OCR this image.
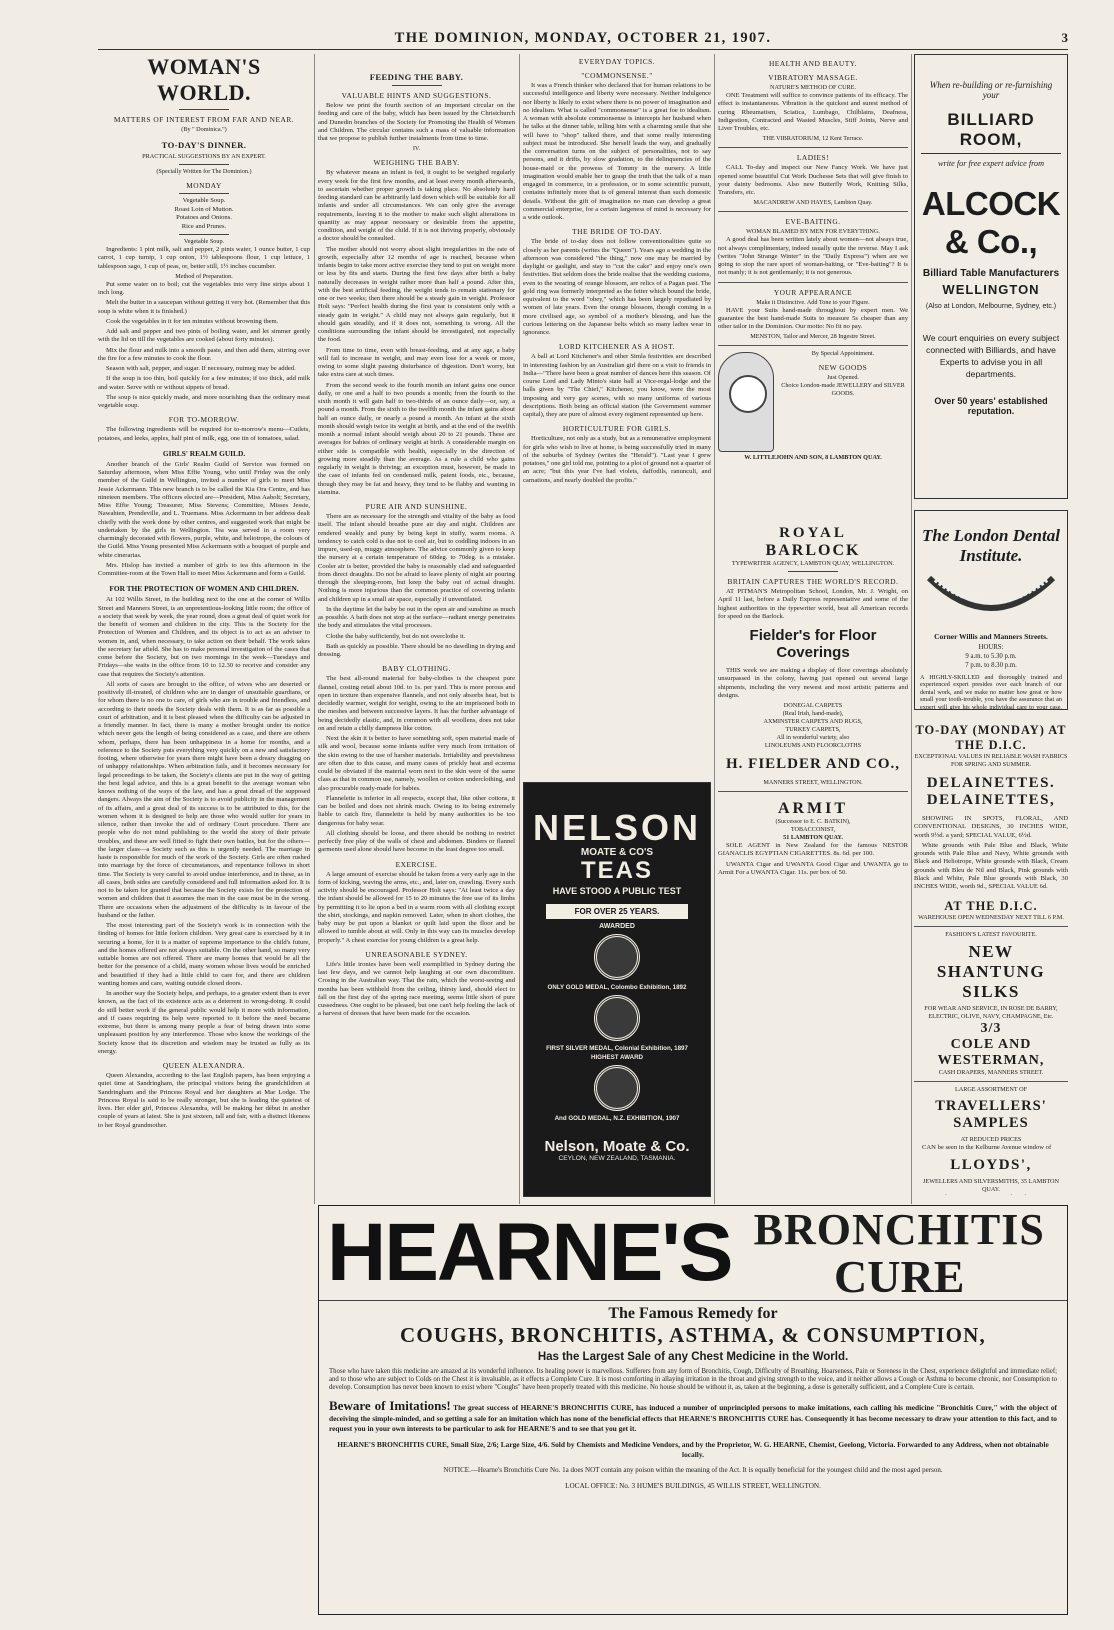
THE DOMINION, MONDAY, OCTOBER 21, 1907.	3
WOMAN'S WORLD.
MATTERS OF INTEREST FROM FAR AND NEAR.
(By " Dominica.")
TO-DAY'S DINNER.
PRACTICAL SUGGESTIONS BY AN EXPERT.
(Specially Written for The Dominion.)
MONDAY
Vegetable Soup.
Roast Loin of Mutton.
Potatoes and Onions.
Rice and Prunes.
Vegetable Soup.

Ingredients: 1 pint milk, salt and pepper, 2 pints water, 1 ounce butter, 1 cup carrot, 1 cup turnip, 1 cup onion, 1½ tablespoons flour, 1 cup lettuce, 1 tablespoon sago, 1 cup of peas, or, better still, 1½ inches cucumber.

Method of Preparation.

Put some water on to boil; cut the vegetables into very fine strips about 1 inch long.

Melt the butter in a saucepan without getting it very hot. (Remember that this soup is white when it is finished.)

Cook the vegetables in it for ten minutes without browning them.

Add salt and pepper and two pints of boiling water, and let simmer gently with the lid on till the vegetables are cooked (about forty minutes).

Mix the flour and milk into a smooth paste, and then add them, stirring over the fire for a few minutes to cook the flour.

Season with salt, pepper, and sugar. If necessary, nutmeg may be added.

If the soup is too thin, boil quickly for a few minutes; if too thick, add milk and water. Serve with or without sippets of bread.

The soup is nice quickly made, and more nourishing than the ordinary meat vegetable soup.

FOR TO-MORROW.

The following ingredients will be required for to-morrow's menu—Cutlets, potatoes, and leeks, apples, half pint of milk, egg, one tin of tomatoes, salad.

GIRLS' REALM GUILD.

Another branch of the Girls' Realm Guild of Service was formed on Saturday afternoon, when Miss Effie Young, who until Friday was the only member of the Guild in Wellington, invited a number of girls to meet Miss Jessie Ackermann. This new branch is to be called the Kia Ora Centre, and has nineteen members. The officers elected are—President, Miss Aabolt; Secretary, Miss Effie Young; Treasurer, Miss Stevens; Committee, Misses Jessie, Nawahten, Prendeville, and L. Truemans. Miss Ackermann in her address dealt chiefly with the work done by other centres, and suggested work that might be undertaken by the girls in Wellington. Tea was served in a room very charmingly decorated with flowers, purple, white, and heliotrope, the colours of the Guild. Miss Young presented Miss Ackermann with a bouquet of purple and white cinerarias.

Mrs. Hislop has invited a number of girls to tea this afternoon in the Committee-room at the Town Hall to meet Miss Ackermann and form a Guild.

FOR THE PROTECTION OF WOMEN AND CHILDREN.

At 102 Willis Street, in the building next to the one at the corner of Willis Street and Manners Street, is an unpretentious-looking little room; the office of a society that week by week, the year round, does a great deal of quiet work for the benefit of women and children in the city. This is the Society for the Protection of Women and Children, and its object is to act as an adviser to women in, and, when necessary, to take action on their behalf. The work takes the secretary far afield. She has to make personal investigation of the cases that come before the Society, but on two mornings in the week—Tuesdays and Fridays—she waits in the office from 10 to 12.30 to receive and consider any case that requires the Society's attention.

All sorts of cases are brought to the office, of wives who are deserted or positively ill-treated, of children who are in danger of unsuitable guardians, or for whom there is no one to care, of girls who are in trouble and friendless, and according to their needs the Society deals with them. It is as far as possible a court of arbitration, and it is best pleased when the difficulty can be adjusted in a friendly manner. In fact, there is many a mother brought under its notice which never gets the length of being considered as a case, and there are others whom, perhaps, there has been unhappiness in a home for months, and a reference to the Society puts everything very quickly on a new and satisfactory footing, where otherwise for years there might have been a dreary dragging on of unhappy relationships. When arbitration fails, and it becomes necessary for legal proceedings to be taken, the Society's clients are put in the way of getting the best legal advice, and this is a great benefit to the average woman who knows nothing of the ways of the law, and has a great dread of the supposed dangers. Always the aim of the Society is to avoid publicity in the management of its affairs, and a great deal of its success is to be attributed to this, for the women whom it is designed to help are those who would suffer for years in silence, rather than invoke the aid of ordinary Court procedure. There are people who do not mind publishing to the world the story of their private troubles, and these are well fitted to fight their own battles, but for the others—the larger class—a Society such as this is urgently needed. The marriage in haste is responsible for much of the work of the Society. Girls are often rushed into marriage by the force of circumstances, and repentance follows in short time. The Society is very careful to avoid undue interference, and in these, as in all cases, both sides are carefully considered and full information asked for. It is not to be taken for granted that because the Society exists for the protection of women and children that it assumes the man in the case must be in the wrong. There are occasions when the adjustment of the difficulty is in favour of the husband or the father.

The most interesting part of the Society's work is in connection with the finding of homes for little forlorn children. Very great care is exercised by it in securing a home, for it is a matter of supreme importance to the child's future, and the homes offered are not always suitable. On the other hand, so many very suitable homes are not offered. There are many homes that would be all the better for the presence of a child, many women whose lives would be enriched and beautified if they had a little child to care for, and there are children wanting homes and care, waiting outside closed doors.

In another way the Society helps, and perhaps, to a greater extent than is ever known, as the fact of its existence acts as a deterrent to wrong-doing. It could do still better work if the general public would help it more with information, and if cases requiring its help were reported to it before the need became extreme, but there is among many people a fear of being drawn into some unpleasant position by any interference. Those who know the workings of the Society know that its discretion and wisdom may be trusted as fully as its energy.

QUEEN ALEXANDRA.

Queen Alexandra, according to the last English papers, has been enjoying a quiet time at Sandringham, the principal visitors being the grandchildren at Sandringham and the Princess Royal and her daughters at Mar Lodge. The Princess Royal is said to be really stronger, but she is leading the quietest of lives. Her elder girl, Princess Alexandra, will be making her début in another couple of years at latest. She is just sixteen, tall and fair, with a distinct likeness to her Royal grandmother.

FEEDING THE BABY.
VALUABLE HINTS AND SUGGESTIONS.

Below we print the fourth section of an important circular on the feeding and care of the baby, which has been issued by the Christchurch and Dunedin branches of the Society for Promoting the Health of Women and Children. The circular contains such a mass of valuable information that we propose to publish further instalments from time to time.

IV.
WEIGHING THE BABY.

By whatever means an infant is fed, it ought to be weighed regularly every week for the first few months, and at least every month afterwards, to ascertain whether proper growth is taking place. No absolutely hard feeding standard can be arbitrarily laid down which will be suitable for all infants and under all circumstances. We can only give the average requirements, leaving it to the mother to make such slight alterations in quantity as may appear necessary or desirable from the appetite, condition, and weight of the child. If it is not thriving properly, obviously a doctor should be consulted.

The mother should not worry about slight irregularities in the rate of growth, especially after 12 months of age is reached, because when infants begin to take more active exercise they tend to put on weight more or less by fits and starts. During the first few days after birth a baby naturally decreases in weight rather more than half a pound. After this, with the best artificial feeding, the weight tends to remain stationary for one or two weeks; then there should be a steady gain in weight. Professor Holt says: "Perfect health during the first year is consistent only with a steady gain in weight." A child may not always gain regularly, but it should gain steadily, and if it does not, something is wrong. All the conditions surrounding the infant should be investigated, not especially the food.

From time to time, even with breast-feeding, and at any age, a baby will fail to increase in weight, and may even lose for a week or more, owing to some slight passing disturbance of digestion. Don't worry, but take extra care at such times.

From the second week to the fourth month an infant gains one ounce daily, or one and a half to two pounds a month; from the fourth to the sixth month it will gain half to two-thirds of an ounce daily—or, say, a pound a month. From the sixth to the twelfth month the infant gains about half an ounce daily, or nearly a pound a month. An infant at the sixth month should weigh twice its weight at birth, and at the end of the twelfth month a normal infant should weigh about 20 to 21 pounds. These are averages for babies of ordinary weight at birth. A considerable margin on either side is compatible with health, especially in the direction of growing more steadily than the average. As a rule a child who gains regularly in weight is thriving; an exception must, however, be made in the case of infants fed on condensed milk, patent foods, etc., because, though they may be fat and heavy, they tend to be flabby and wanting in stamina.

PURE AIR AND SUNSHINE.

There are as necessary for the strength and vitality of the baby as food itself. The infant should breathe pure air day and night. Children are rendered weakly and puny by being kept in stuffy, warm rooms. A tendency to catch cold is due not to cool air, but to coddling indoors in an impure, used-up, muggy atmosphere. The advice commonly given to keep the nursery at a certain temperature of 60deg. to 70deg. is a mistake. Cooler air is better, provided the baby is reasonably clad and safeguarded from direct draughts. Do not be afraid to leave plenty of night air pouring through the sleeping-room, but keep the baby out of actual draught. Nothing is more injurious than the common practice of covering infants and children up in a small air space, especially if unventilated.

In the daytime let the baby be out in the open air and sunshine as much as possible. A bath does not stop at the surface—radiant energy penetrates the body and stimulates the vital processes.

Clothe the baby sufficiently, but do not overclothe it.

Bath as quickly as possible. There should be no dawdling in drying and dressing.

BABY CLOTHING.

The best all-round material for baby-clothes is the cheapest pure flannel, costing retail about 10d. to 1s. per yard. This is more porous and open in texture than expensive flannels, and not only absorbs heat, but is decidedly warmer, weight for weight, owing to the air imprisoned both in the meshes and between successive layers. It has the further advantage of being decidedly elastic, and, in common with all woollens, does not take on and retain a chilly dampness like cotton.

Next the skin it is better to have something soft, open material made of silk and wool, because some infants suffer very much from irritation of the skin owing to the use of harsher materials. Irritability and peevishness are often due to this cause, and many cases of prickly heat and eczema could be obviated if the material worn next to the skin were of the same class as that in common use, namely, woollen or cotton underclothing, and also procurable ready-made for babies.

Flannelette is inferior in all respects, except that, like other cottons, it can be boiled and does not shrink much. Owing to its being extremely liable to catch fire, flannelette is held by many authorities to be too dangerous for baby wear.

All clothing should be loose, and there should be nothing to restrict perfectly free play of the walls of chest and abdomen. Binders or flannel garments used alone should have become in the least degree too small.

EXERCISE.

A large amount of exercise should be taken from a very early age in the form of kicking, waving the arms, etc., and, later on, crawling. Every such activity should be encouraged. Professor Holt says: "At least twice a day the infant should be allowed for 15 to 20 minutes the free use of its limbs by permitting it to lie upon a bed in a warm room with all clothing except the shirt, stockings, and napkin removed. Later, when in short clothes, the baby may be put upon a blanket or quilt laid upon the floor and be allowed to tumble about at will. Only in this way can its muscles develop properly." A chest exercise for young children is a great help.

UNREASONABLE SYDNEY.

Life's little ironies have been well exemplified in Sydney during the last few days, and we cannot help laughing at our own discomfiture. Crosing in the Australian way. That the rain, which the worst-seeing and months has been withheld from the ceiling, thirsty land, should elect to fall on the first day of the spring race meeting, seems little short of pure cussedness. One ought to be pleased, but one can't help feeling the lack of a harvest of dresses that have been made for the occasion.

EVERYDAY TOPICS.
"COMMONSENSE."

It was a French thinker who declared that for human relations to be successful intelligence and liberty were necessary. Neither indulgence nor liberty is likely to exist where there is no power of imagination and no idealism. What is called "commonsense" is a great foe to idealism. A woman with absolute commonsense is intercepts her husband when he talks at the dinner table, telling him with a charming smile that she will have to "shop" talked there, and that some really interesting subject must be introduced. She herself leads the way, and gradually the conversation turns on the subject of personalities, not to say persons, and it drifts, by slow gradation, to the delinquencies of the house-maid or the prowess of Tommy in the nursery. A little imagination would enable her to grasp the truth that the talk of a man engaged in commerce, in a profession, or in some scientific pursuit, contains infinitely more that is of general interest than such domestic details. Without the gift of imagination no man can develop a great commercial enterprise, for a certain largeness of mind is necessary for a wide outlook.

THE BRIDE OF TO-DAY.

The bride of to-day does not follow conventionalities quite so closely as her parents (writes the "Queen"). Years ago a wedding in the afternoon was considered "the thing," now one may be married by daylight or gaslight, and stay to "cut the cake" and enjoy one's own festivities. But seldom does the bride realise that the wedding customs, even to the wearing of orange blossom, are relics of a Pagan past. The gold ring was formerly interpreted as the fetter which bound the bride, equivalent to the word "obey," which has been largely repudiated by women of late years. Even the orange blossom, though coming in a more civilised age, so symbol of a mother's blessing, and has the curious lettering on the Japanese belts which so many ladies wear in ignorance.

LORD KITCHENER AS A HOST.

A ball at Lord Kitchener's and other Simla festivities are described in interesting fashion by an Australian girl there on a visit to friends in India—"There have been a great number of dances here this season. Of course Lord and Lady Minto's state ball at Vice-regal-lodge and the balls given by "The Chief," Kitchener, you know, were the most imposing and very gay scenes, with so many uniforms of various descriptions. Both being an official station (the Government summer capital), they are pure of almost every regiment represented up here.

HORTICULTURE FOR GIRLS.

Horticulture, not only as a study, but as a remunerative employment for girls who wish to live at home, is being successfully tried in many of the suburbs of Sydney (writes the "Herald"). "Last year I grew potatoes," one girl told me, pointing to a plot of ground not a quarter of an acre; "but this year I've had violets, daffodils, ranunculi, and carnations, and nearly doubled the profits."

NELSON
MOATE & CO'S
TEAS
HAVE STOOD A PUBLIC TEST
FOR OVER 25 YEARS.
AWARDED
ONLY GOLD MEDAL, Colombo Exhibition, 1892
FIRST SILVER MEDAL, Colonial Exhibition, 1897
HIGHEST AWARD
And GOLD MEDAL, N.Z. EXHIBITION, 1907
Nelson, Moate & Co.
CEYLON, NEW ZEALAND, TASMANIA.
HEALTH AND BEAUTY.
VIBRATORY MASSAGE.
NATURE'S METHOD OF CURE.

ONE Treatment will suffice to convince patients of its efficacy. The effect is instantaneous. Vibration is the quickest and surest method of curing Rheumatism, Sciatica, Lumbago, Chilblains, Deafness, Indigestion, Contracted and Wasted Muscles, Stiff Joints, Nerve and Liver Troubles, etc.

THE VIBRATORIUM, 12 Kent Terrace.
LADIES!

CALL To-day and inspect our New Fancy Work. We have just opened some beautiful Cut Work Duchesse Sets that will give finish to your dainty bedrooms. Also new Butterfly Work, Knitting Silks, Transfers, etc.

MACANDREW AND HAYES, Lambton Quay.
EVE-BAITING.
WOMAN BLAMED BY MEN FOR EVERYTHING.

A good deal has been written lately about women—not always true, not always complimentary, indeed usually quite the reverse. May I ask (writes "John Strange Winter" in the "Daily Express") when are we going to stop the rare sport of woman-baiting, or "Eve-baiting"? It is not manly; it is not gentlemanly; it is not generous.

YOUR APPEARANCE
Make it Distinctive. Add Tone to your Figure.

HAVE your Suits hand-made throughout by expert men. We guarantee the best hand-made Suits to measure 5s cheaper than any other tailor in the Dominion. Our motto: No fit no pay.

MENSTON, Tailor and Mercer, 28 Ingestre Street.
By Special Appointment.
NEW GOODS
Just Opened.
Choice London-made JEWELLERY and SILVER GOODS.
W. LITTLEJOHN AND SON, 8 LAMBTON QUAY.
ROYAL
BARLOCK
TYPEWRITER AGENCY, LAMBTON QUAY, WELLINGTON.
BRITAIN CAPTURES THE WORLD'S RECORD.

AT PITMAN'S Metropolitan School, London, Mr. J. Wright, on April 11 last, before a Daily Express representative and some of the highest authorities in the typewriter world, beat all American records for speed on the Barlock.

Fielder's for Floor Coverings

THIS week we are making a display of floor coverings absolutely unsurpassed in the colony, having just opened out several large shipments, including the very newest and most artistic patterns and designs.

DONEGAL CARPETS
(Real Irish, hand-made),
AXMINSTER CARPETS AND RUGS,
TURKEY CARPETS,
All in wonderful variety, also
LINOLEUMS AND FLOORCLOTHS
H. FIELDER AND CO.,
MANNERS STREET, WELLINGTON.
ARMIT
(Successor to E. C. BATKIN),
TOBACCONIST,
51 LAMBTON QUAY.

SOLE AGENT in New Zealand for the famous NESTOR GIANACLIS EGYPTIAN CIGARETTES. 8s. 6d. per 100.

UWANTA Cigar and UWANTA Good Cigar and UWANTA go to Armit For a UWANTA Cigar. 11s. per box of 50.

When re-building or re-furnishing your
BILLIARD ROOM,
write for free expert advice from
ALCOCK & Co.,
Billiard Table Manufacturers
WELLINGTON
(Also at London, Melbourne, Sydney, etc.)
We court enquiries on every subject connected with Billiards, and have Experts to advise you in all departments.
Over 50 years' established reputation.
The London Dental Institute.
Corner Willis and Manners Streets.
HOURS:
9 a.m. to 5.30 p.m.
7 p.m. to 8.30 p.m.
A HIGHLY-SKILLED and thoroughly trained and experienced expert presides over each branch of our dental work, and we make no matter how great or how small your tooth-trouble, you have the assurance that an expert will give his whole individual care to your case,
TO-DAY (MONDAY) AT THE D.I.C.
EXCEPTIONAL VALUES IN RELIABLE WASH FABRICS FOR SPRING AND SUMMER.
DELAINETTES. DELAINETTES,

SHOWING IN SPOTS, FLORAL, AND CONVENTIONAL DESIGNS, 30 INCHES WIDE, worth 9½d. a yard; SPECIAL VALUE, 6½d.

White grounds with Pale Blue and Black, White grounds with Pale Blue and Navy, White grounds with Black and Heliotrope, White grounds with Black, Cream grounds with Bleu de Nil and Black, Pink grounds with Black and White, Pale Blue grounds with Black, 30 INCHES WIDE, worth 9d., SPECIAL VALUE 6d.

AT THE D.I.C.
WAREHOUSE OPEN WEDNESDAY NEXT TILL 6 P.M.
FASHION'S LATEST FAVOURITE.
NEW SHANTUNG SILKS
FOR WEAR AND SERVICE, IN ROSE DE BARRY, ELECTRIC, OLIVE, NAVY, CHAMPAGNE, Etc.
3/3
COLE AND WESTERMAN,
CASH DRAPERS, MANNERS STREET.
LARGE ASSORTMENT OF
TRAVELLERS' SAMPLES
AT REDUCED PRICES

CAN be seen in the Kelburne Avenue window of

LLOYDS',
JEWELLERS AND SILVERSMITHS, 35 LAMBTON QUAY.

HEARNE'S BRONCHITIS
CURE
The Famous Remedy for
COUGHS, BRONCHITIS, ASTHMA, & CONSUMPTION,
Has the Largest Sale of any Chest Medicine in the World.
Those who have taken this medicine are amazed at its wonderful influence. Its healing power is marvellous. Sufferers from any form of Bronchitis, Cough, Difficulty of Breathing, Hoarseness, Pain or Soreness in the Chest, experience delightful and immediate relief; and to those who are subject to Colds on the Chest it is invaluable, as it effects a Complete Cure. It is most comforting in allaying irritation in the throat and giving strength to the voice, and it neither allows a Cough or Asthma to become chronic, nor Consumption to develop. Consumption has never been known to exist where "Coughs" have been properly treated with this medicine. No house should be without it, as, taken at the beginning, a dose is generally sufficient, and a Complete Cure is certain.
Beware of Imitations! The great success of HEARNE'S BRONCHITIS CURE, has induced a number of unprincipled persons to make imitations, each calling his medicine "Bronchitis Cure," with the object of deceiving the simple-minded, and so getting a sale for an imitation which has none of the beneficial effects that HEARNE'S BRONCHITIS CURE has. Consequently it has become necessary to draw your attention to this fact, and to request you in your own interests to be particular to ask for HEARNE'S and to see that you get it.
HEARNE'S BRONCHITIS CURE, Small Size, 2/6; Large Size, 4/6. Sold by Chemists and Medicine Vendors, and by the Proprietor, W. G. HEARNE, Chemist, Geelong, Victoria. Forwarded to any Address, when not obtainable locally.
NOTICE.—Hearne's Bronchitis Cure No. 1a does NOT contain any poison within the meaning of the Act. It is equally beneficial for the youngest child and the most aged person.
LOCAL OFFICE: No. 3 HUME'S BUILDINGS, 45 WILLIS STREET, WELLINGTON.
